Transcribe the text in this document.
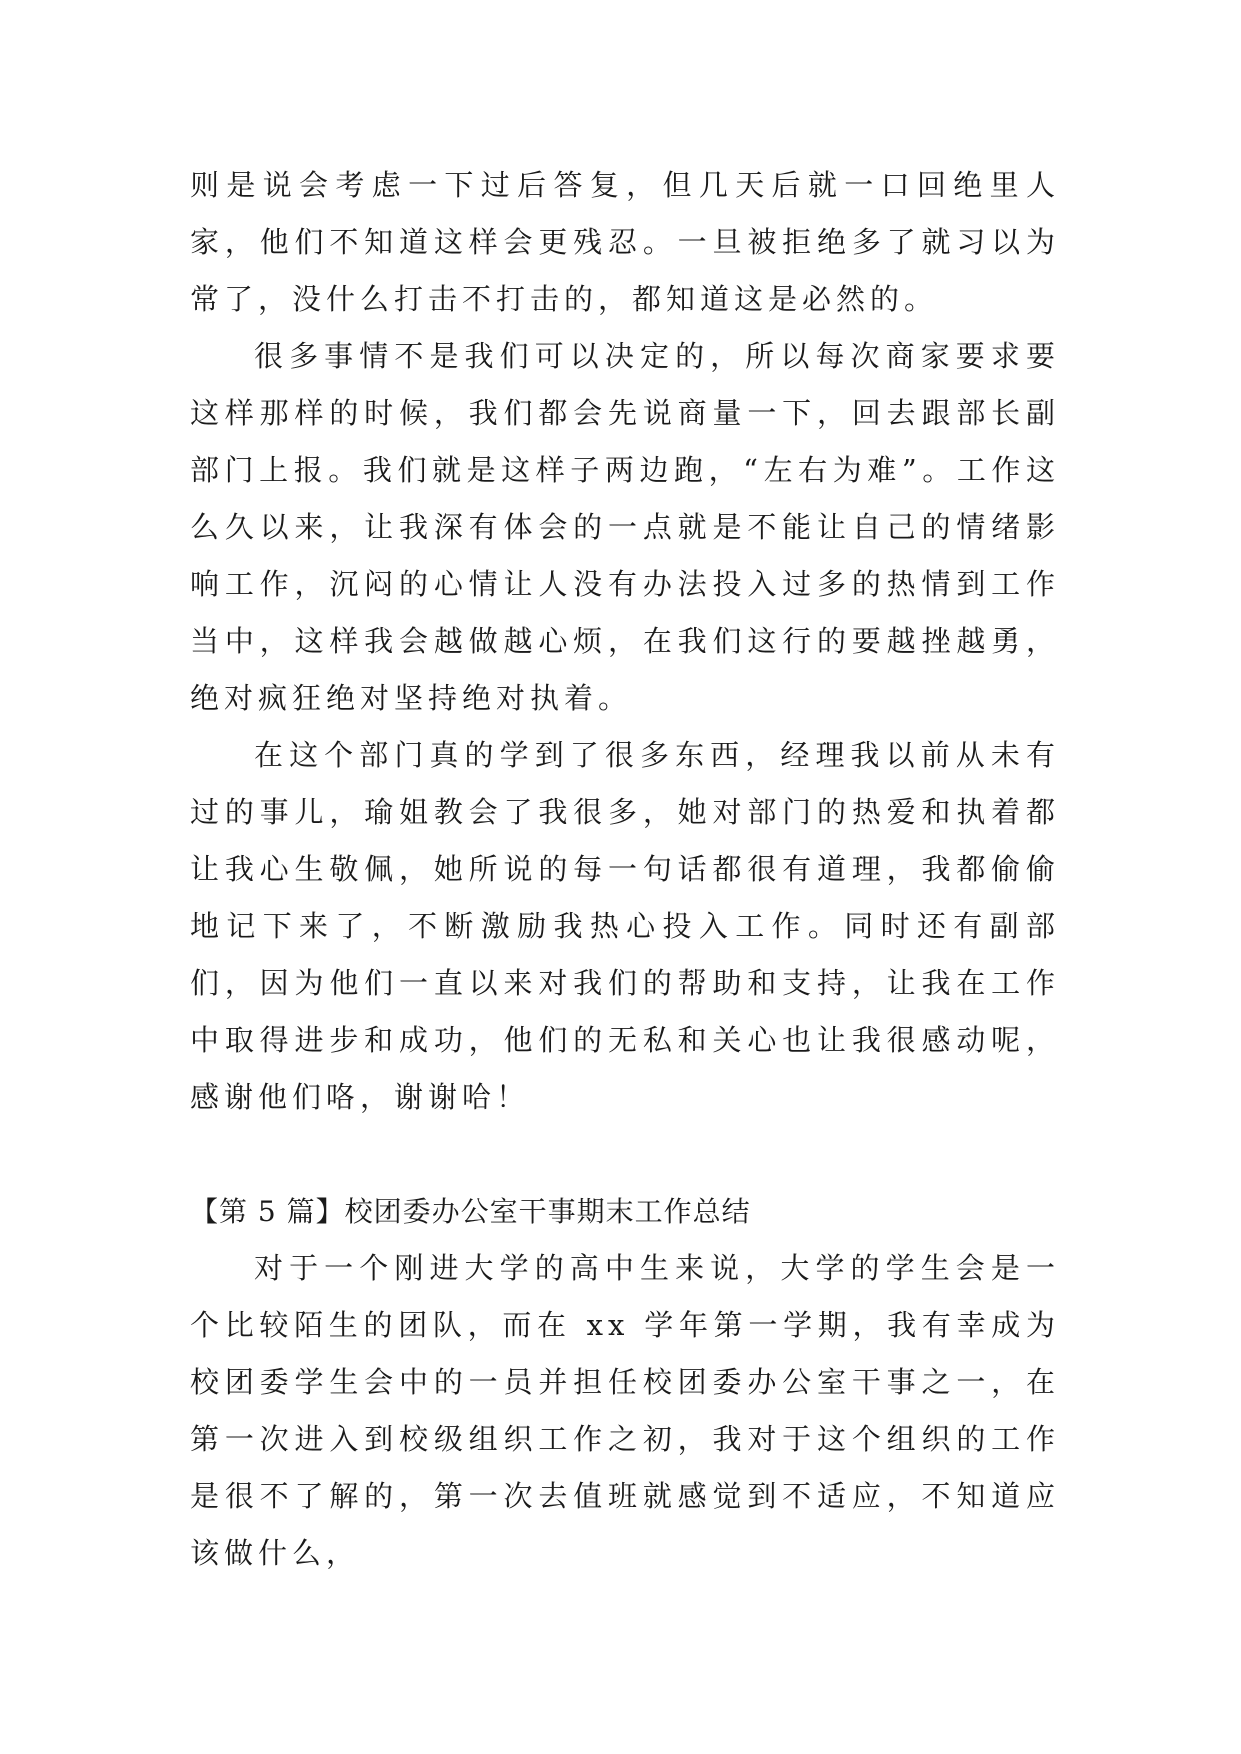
则是说会考虑一下过后答复，但几天后就一口回绝里人家，他们不知道这样会更残忍。一旦被拒绝多了就习以为常了，没什么打击不打击的，都知道这是必然的。

很多事情不是我们可以决定的，所以每次商家要求要这样那样的时候，我们都会先说商量一下，回去跟部长副部门上报。我们就是这样子两边跑，“左右为难”。工作这么久以来，让我深有体会的一点就是不能让自己的情绪影响工作，沉闷的心情让人没有办法投入过多的热情到工作当中，这样我会越做越心烦，在我们这行的要越挫越勇，绝对疯狂绝对坚持绝对执着。

在这个部门真的学到了很多东西，经理我以前从未有过的事儿，瑜姐教会了我很多，她对部门的热爱和执着都让我心生敬佩，她所说的每一句话都很有道理，我都偷偷地记下来了，不断激励我热心投入工作。同时还有副部们，因为他们一直以来对我们的帮助和支持，让我在工作中取得进步和成功，他们的无私和关心也让我很感动呢，感谢他们咯，谢谢哈！

【第 5 篇】校团委办公室干事期末工作总结

对于一个刚进大学的高中生来说，大学的学生会是一个比较陌生的团队，而在 xx 学年第一学期，我有幸成为校团委学生会中的一员并担任校团委办公室干事之一，在第一次进入到校级组织工作之初，我对于这个组织的工作是很不了解的，第一次去值班就感觉到不适应，不知道应该做什么，
